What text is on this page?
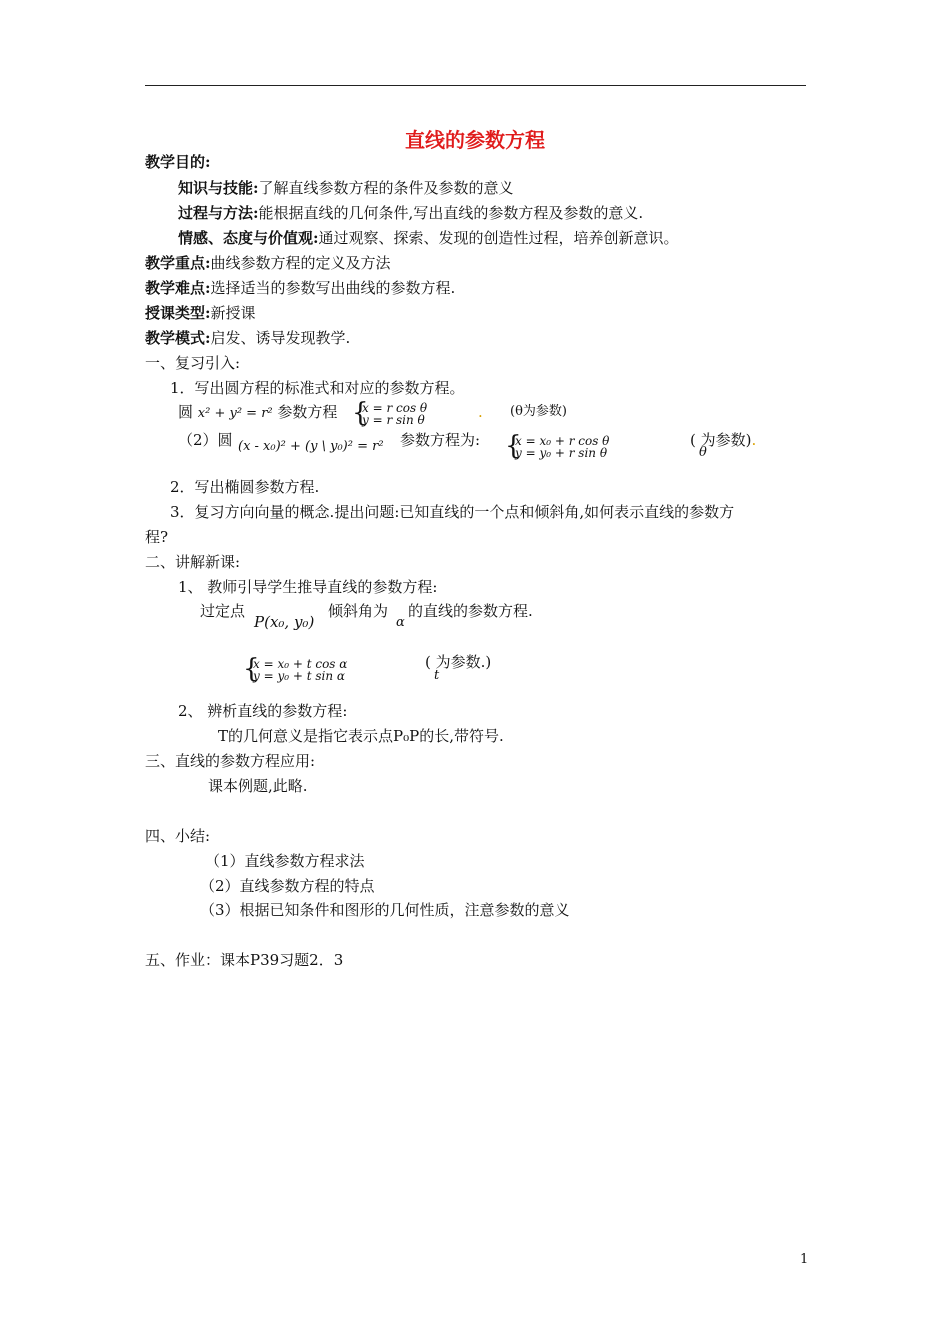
直线的参数方程
教学目的:
知识与技能:了解直线参数方程的条件及参数的意义
过程与方法:能根据直线的几何条件,写出直线的参数方程及参数的意义.
情感、态度与价值观:通过观察、探索、发现的创造性过程，培养创新意识。
教学重点:曲线参数方程的定义及方法
教学难点:选择适当的参数写出曲线的参数方程.
授课类型:新授课
教学模式:启发、诱导发现教学.
一、复习引入:
1．写出圆方程的标准式和对应的参数方程。
圆 x² + y² = r² 参数方程 {
x = r cos θ
y = r sin θ	. (θ为参数)
（2）圆 (x - x₀)² + (y \ y₀)² = r² 参数方程为: {
x = x₀ + r cos θ
y = y₀ + r sin θ
( 为参数).
θ
2．写出椭圆参数方程.
3．复习方向向量的概念.提出问题:已知直线的一个点和倾斜角,如何表示直线的参数方
程?
二、讲解新课:
1、 教师引导学生推导直线的参数方程:
过定点
P(x₀, y₀)
倾斜角为
α
的直线的参数方程.
{
x = x₀ + t cos α
y = y₀ + t sin α
( 为参数.)
t
2、 辨析直线的参数方程:
T的几何意义是指它表示点P₀P的长,带符号.
三、直线的参数方程应用:
课本例题,此略.
四、小结:
（1）直线参数方程求法
（2）直线参数方程的特点
（3）根据已知条件和图形的几何性质，注意参数的意义
五、作业：课本P39习题2．3
1
